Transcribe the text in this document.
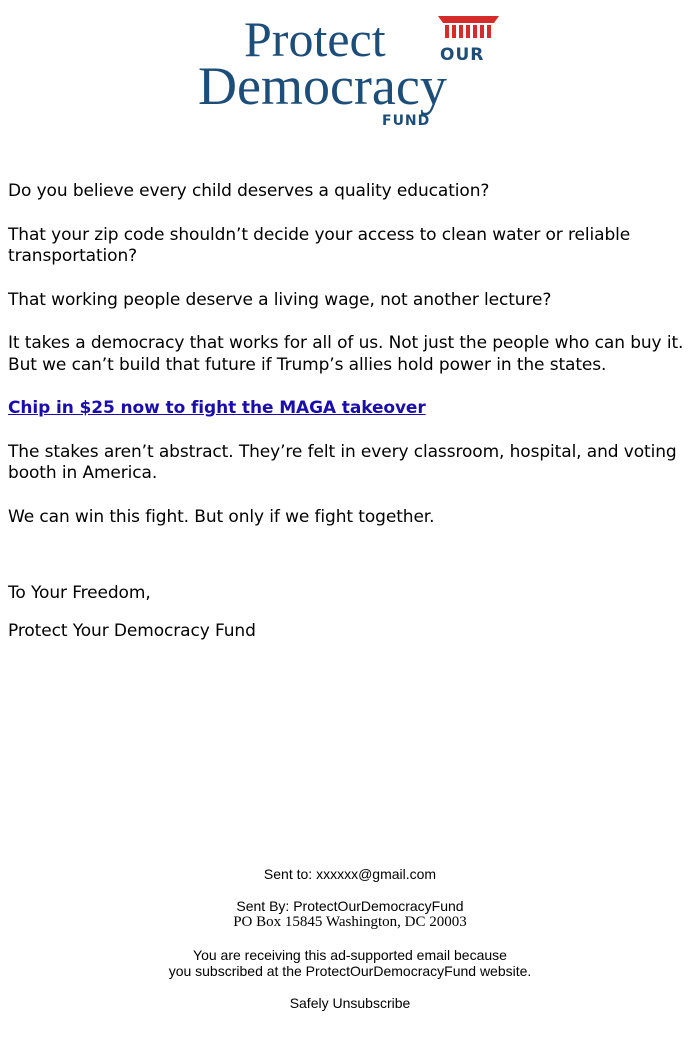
Protect	OUR
Democracy
FUND

Do you believe every child deserves a quality education?

That your zip code shouldn’t decide your access to clean water or reliable transportation?

That working people deserve a living wage, not another lecture?

It takes a democracy that works for all of us. Not just the people who can buy it. But we can’t build that future if Trump’s allies hold power in the states.

Chip in $25 now to fight the MAGA takeover

The stakes aren’t abstract. They’re felt in every classroom, hospital, and voting booth in America.

We can win this fight. But only if we fight together.

To Your Freedom,

Protect Your Democracy Fund

Sent to: xxxxxx@gmail.com
Sent By: ProtectOurDemocracyFund
PO Box 15845 Washington, DC 20003
You are receiving this ad-supported email because
you subscribed at the ProtectOurDemocracyFund website.
Safely Unsubscribe
